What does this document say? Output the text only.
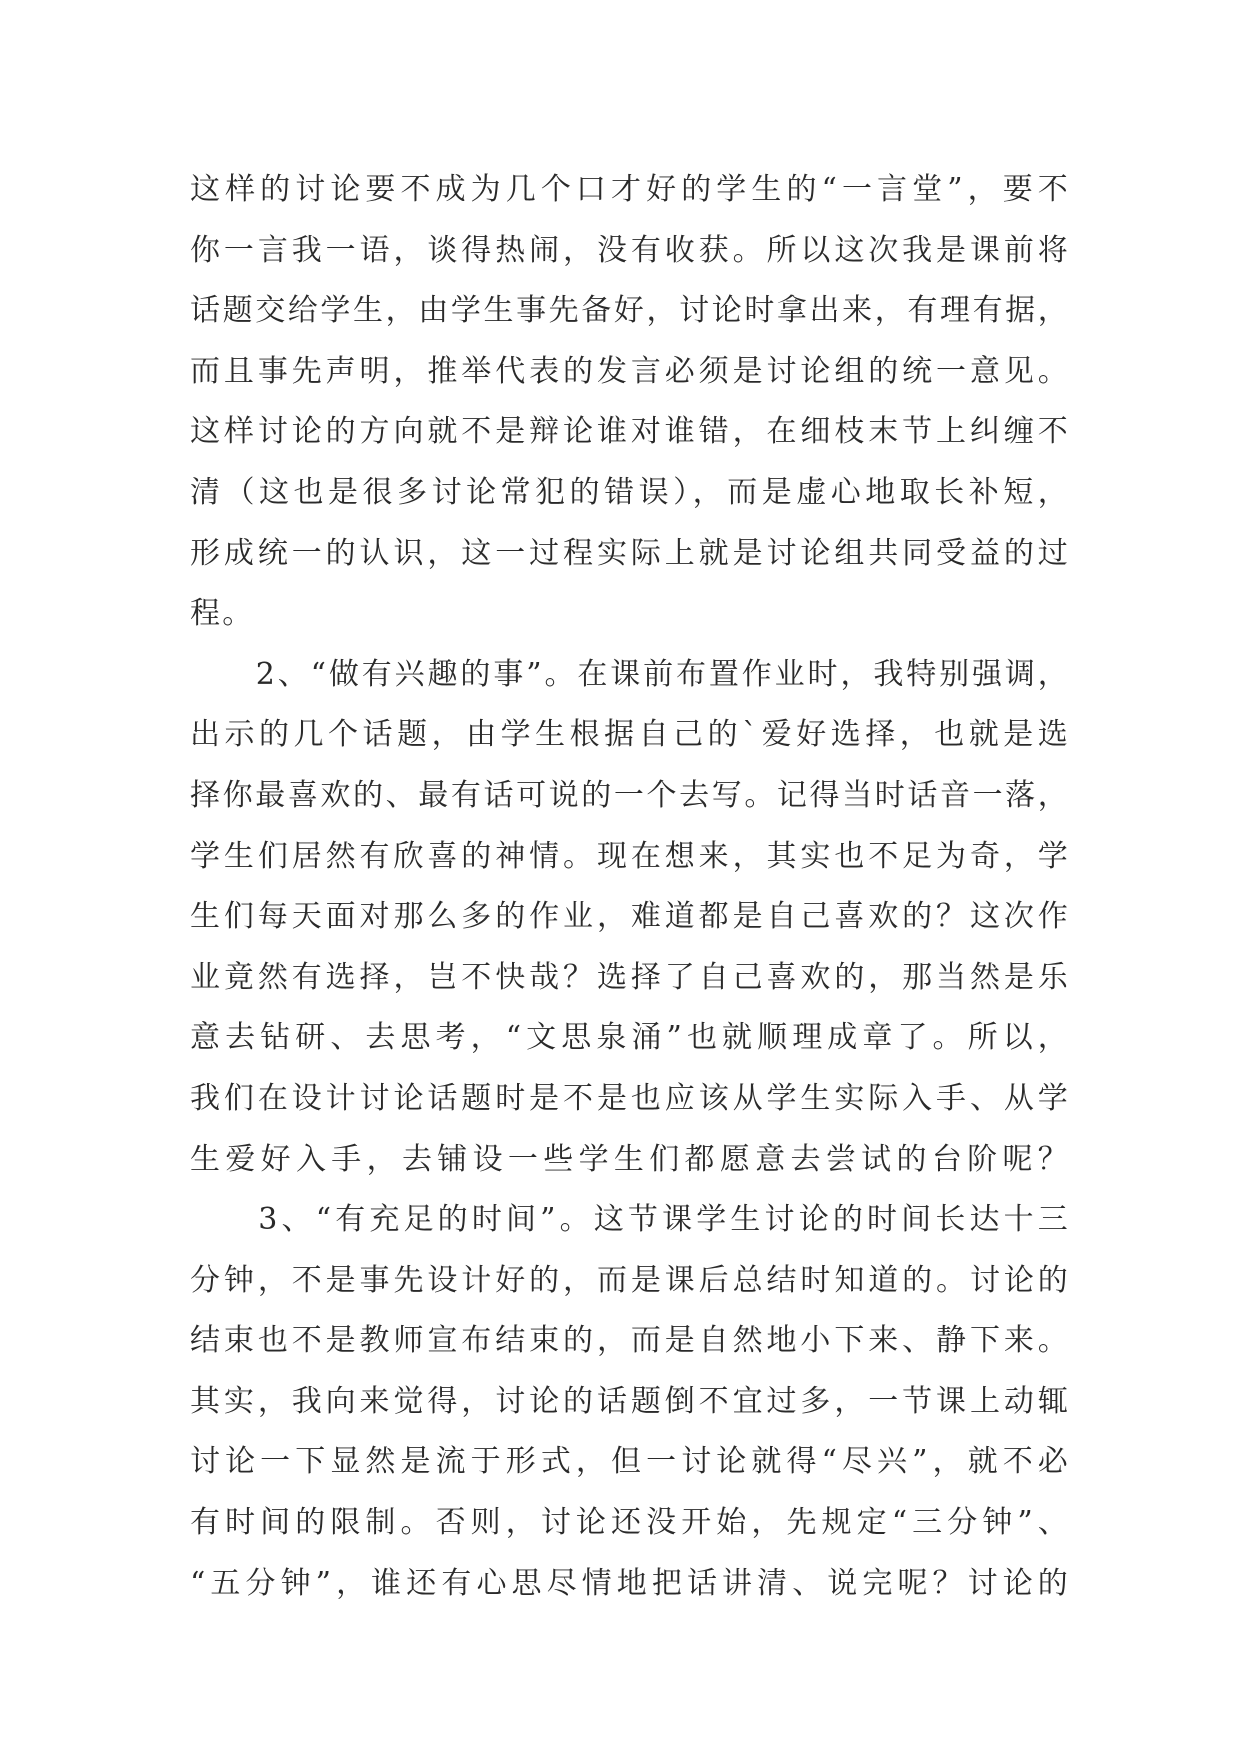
这样的讨论要不成为几个口才好的学生的“一言堂”，要不
你一言我一语，谈得热闹，没有收获。所以这次我是课前将
话题交给学生，由学生事先备好，讨论时拿出来，有理有据，
而且事先声明，推举代表的发言必须是讨论组的统一意见。
这样讨论的方向就不是辩论谁对谁错，在细枝末节上纠缠不
清（这也是很多讨论常犯的错误），而是虚心地取长补短，
形成统一的认识，这一过程实际上就是讨论组共同受益的过
程。
　　2、“做有兴趣的事”。在课前布置作业时，我特别强调，
出示的几个话题，由学生根据自己的`爱好选择，也就是选
择你最喜欢的、最有话可说的一个去写。记得当时话音一落，
学生们居然有欣喜的神情。现在想来，其实也不足为奇，学
生们每天面对那么多的作业，难道都是自己喜欢的？这次作
业竟然有选择，岂不快哉？选择了自己喜欢的，那当然是乐
意去钻研、去思考，“文思泉涌”也就顺理成章了。所以，
我们在设计讨论话题时是不是也应该从学生实际入手、从学
生爱好入手，去铺设一些学生们都愿意去尝试的台阶呢？
　　3、“有充足的时间”。这节课学生讨论的时间长达十三
分钟，不是事先设计好的，而是课后总结时知道的。讨论的
结束也不是教师宣布结束的，而是自然地小下来、静下来。
其实，我向来觉得，讨论的话题倒不宜过多，一节课上动辄
讨论一下显然是流于形式，但一讨论就得“尽兴”，就不必
有时间的限制。否则，讨论还没开始，先规定“三分钟”、
“五分钟”，谁还有心思尽情地把话讲清、说完呢？讨论的
